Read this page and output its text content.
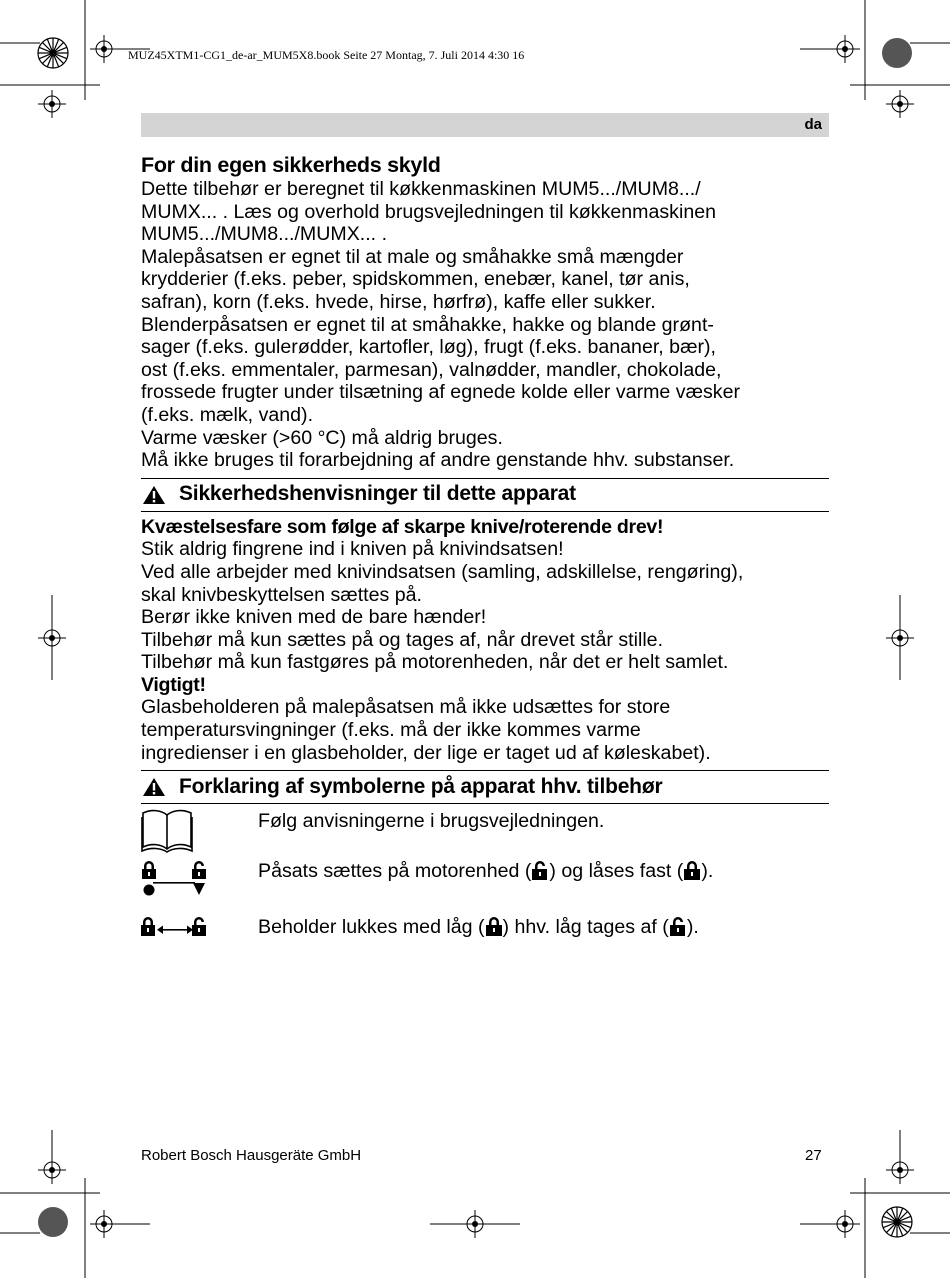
MUZ45XTM1-CG1_de-ar_MUM5X8.book Seite 27 Montag, 7. Juli 2014 4:30 16
da

For din egen sikkerheds skyld

Dette tilbehør er beregnet til køkkenmaskinen MUM5.../MUM8.../

MUMX... . Læs og overhold brugsvejledningen til køkkenmaskinen

MUM5.../MUM8.../MUMX... .

Malepåsatsen er egnet til at male og småhakke små mængder

krydderier (f.eks. peber, spidskommen, enebær, kanel, tør anis,

safran), korn (f.eks. hvede, hirse, hørfrø), kaffe eller sukker.

Blenderpåsatsen er egnet til at småhakke, hakke og blande grønt-

sager (f.eks. gulerødder, kartofler, løg), frugt (f.eks. bananer, bær),

ost (f.eks. emmentaler, parmesan), valnødder, mandler, chokolade,

frossede frugter under tilsætning af egnede kolde eller varme væsker

(f.eks. mælk, vand).

Varme væsker (>60 °C) må aldrig bruges.

Må ikke bruges til forarbejdning af andre genstande hhv. substanser.

Sikkerhedshenvisninger til dette apparat

Kvæstelsesfare som følge af skarpe knive/roterende drev!

Stik aldrig fingrene ind i kniven på knivindsatsen!

Ved alle arbejder med knivindsatsen (samling, adskillelse, rengøring),

skal knivbeskyttelsen sættes på.

Berør ikke kniven med de bare hænder!

Tilbehør må kun sættes på og tages af, når drevet står stille.

Tilbehør må kun fastgøres på motorenheden, når det er helt samlet.

Vigtigt!

Glasbeholderen på malepåsatsen må ikke udsættes for store

temperatursvingninger (f.eks. må der ikke kommes varme

ingredienser i en glasbeholder, der lige er taget ud af køleskabet).

Forklaring af symbolerne på apparat hhv. tilbehør
Følg anvisningerne i brugsvejledningen.
Påsats sættes på motorenhed ( ) og låses fast ( ).
Beholder lukkes med låg ( ) hhv. låg tages af ( ).
Robert Bosch Hausgeräte GmbH	27
